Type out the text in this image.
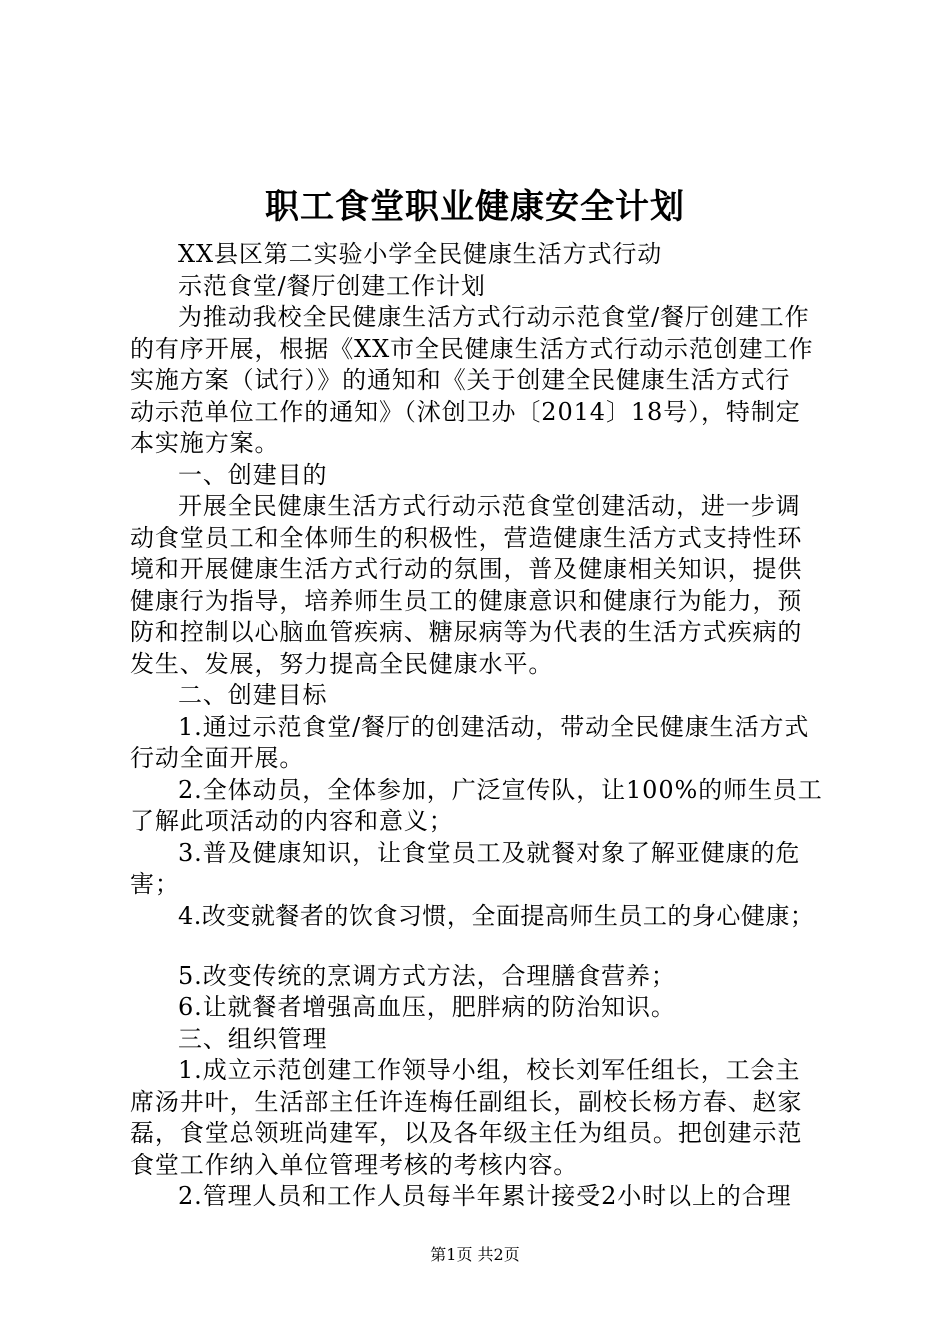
职工食堂职业健康安全计划
XX县区第二实验小学全民健康生活方式行动
示范食堂/餐厅创建工作计划
为推动我校全民健康生活方式行动示范食堂/餐厅创建工作
的有序开展，根据《XX市全民健康生活方式行动示范创建工作
实施方案（试行）》的通知和《关于创建全民健康生活方式行
动示范单位工作的通知》（沭创卫办〔2014〕18号），特制定
本实施方案。
一、创建目的
开展全民健康生活方式行动示范食堂创建活动，进一步调
动食堂员工和全体师生的积极性，营造健康生活方式支持性环
境和开展健康生活方式行动的氛围，普及健康相关知识，提供
健康行为指导，培养师生员工的健康意识和健康行为能力，预
防和控制以心脑血管疾病、糖尿病等为代表的生活方式疾病的
发生、发展，努力提高全民健康水平。
二、创建目标
1.通过示范食堂/餐厅的创建活动，带动全民健康生活方式
行动全面开展。
2.全体动员，全体参加，广泛宣传队，让100%的师生员工
了解此项活动的内容和意义；
3.普及健康知识，让食堂员工及就餐对象了解亚健康的危
害；
4.改变就餐者的饮食习惯，全面提高师生员工的身心健康；
5.改变传统的烹调方式方法，合理膳食营养；
6.让就餐者增强高血压，肥胖病的防治知识。
三、组织管理
1.成立示范创建工作领导小组，校长刘军任组长，工会主
席汤井叶，生活部主任许连梅任副组长，副校长杨方春、赵家
磊，食堂总领班尚建军，以及各年级主任为组员。把创建示范
食堂工作纳入单位管理考核的考核内容。
2.管理人员和工作人员每半年累计接受2小时以上的合理
第1页 共2页
